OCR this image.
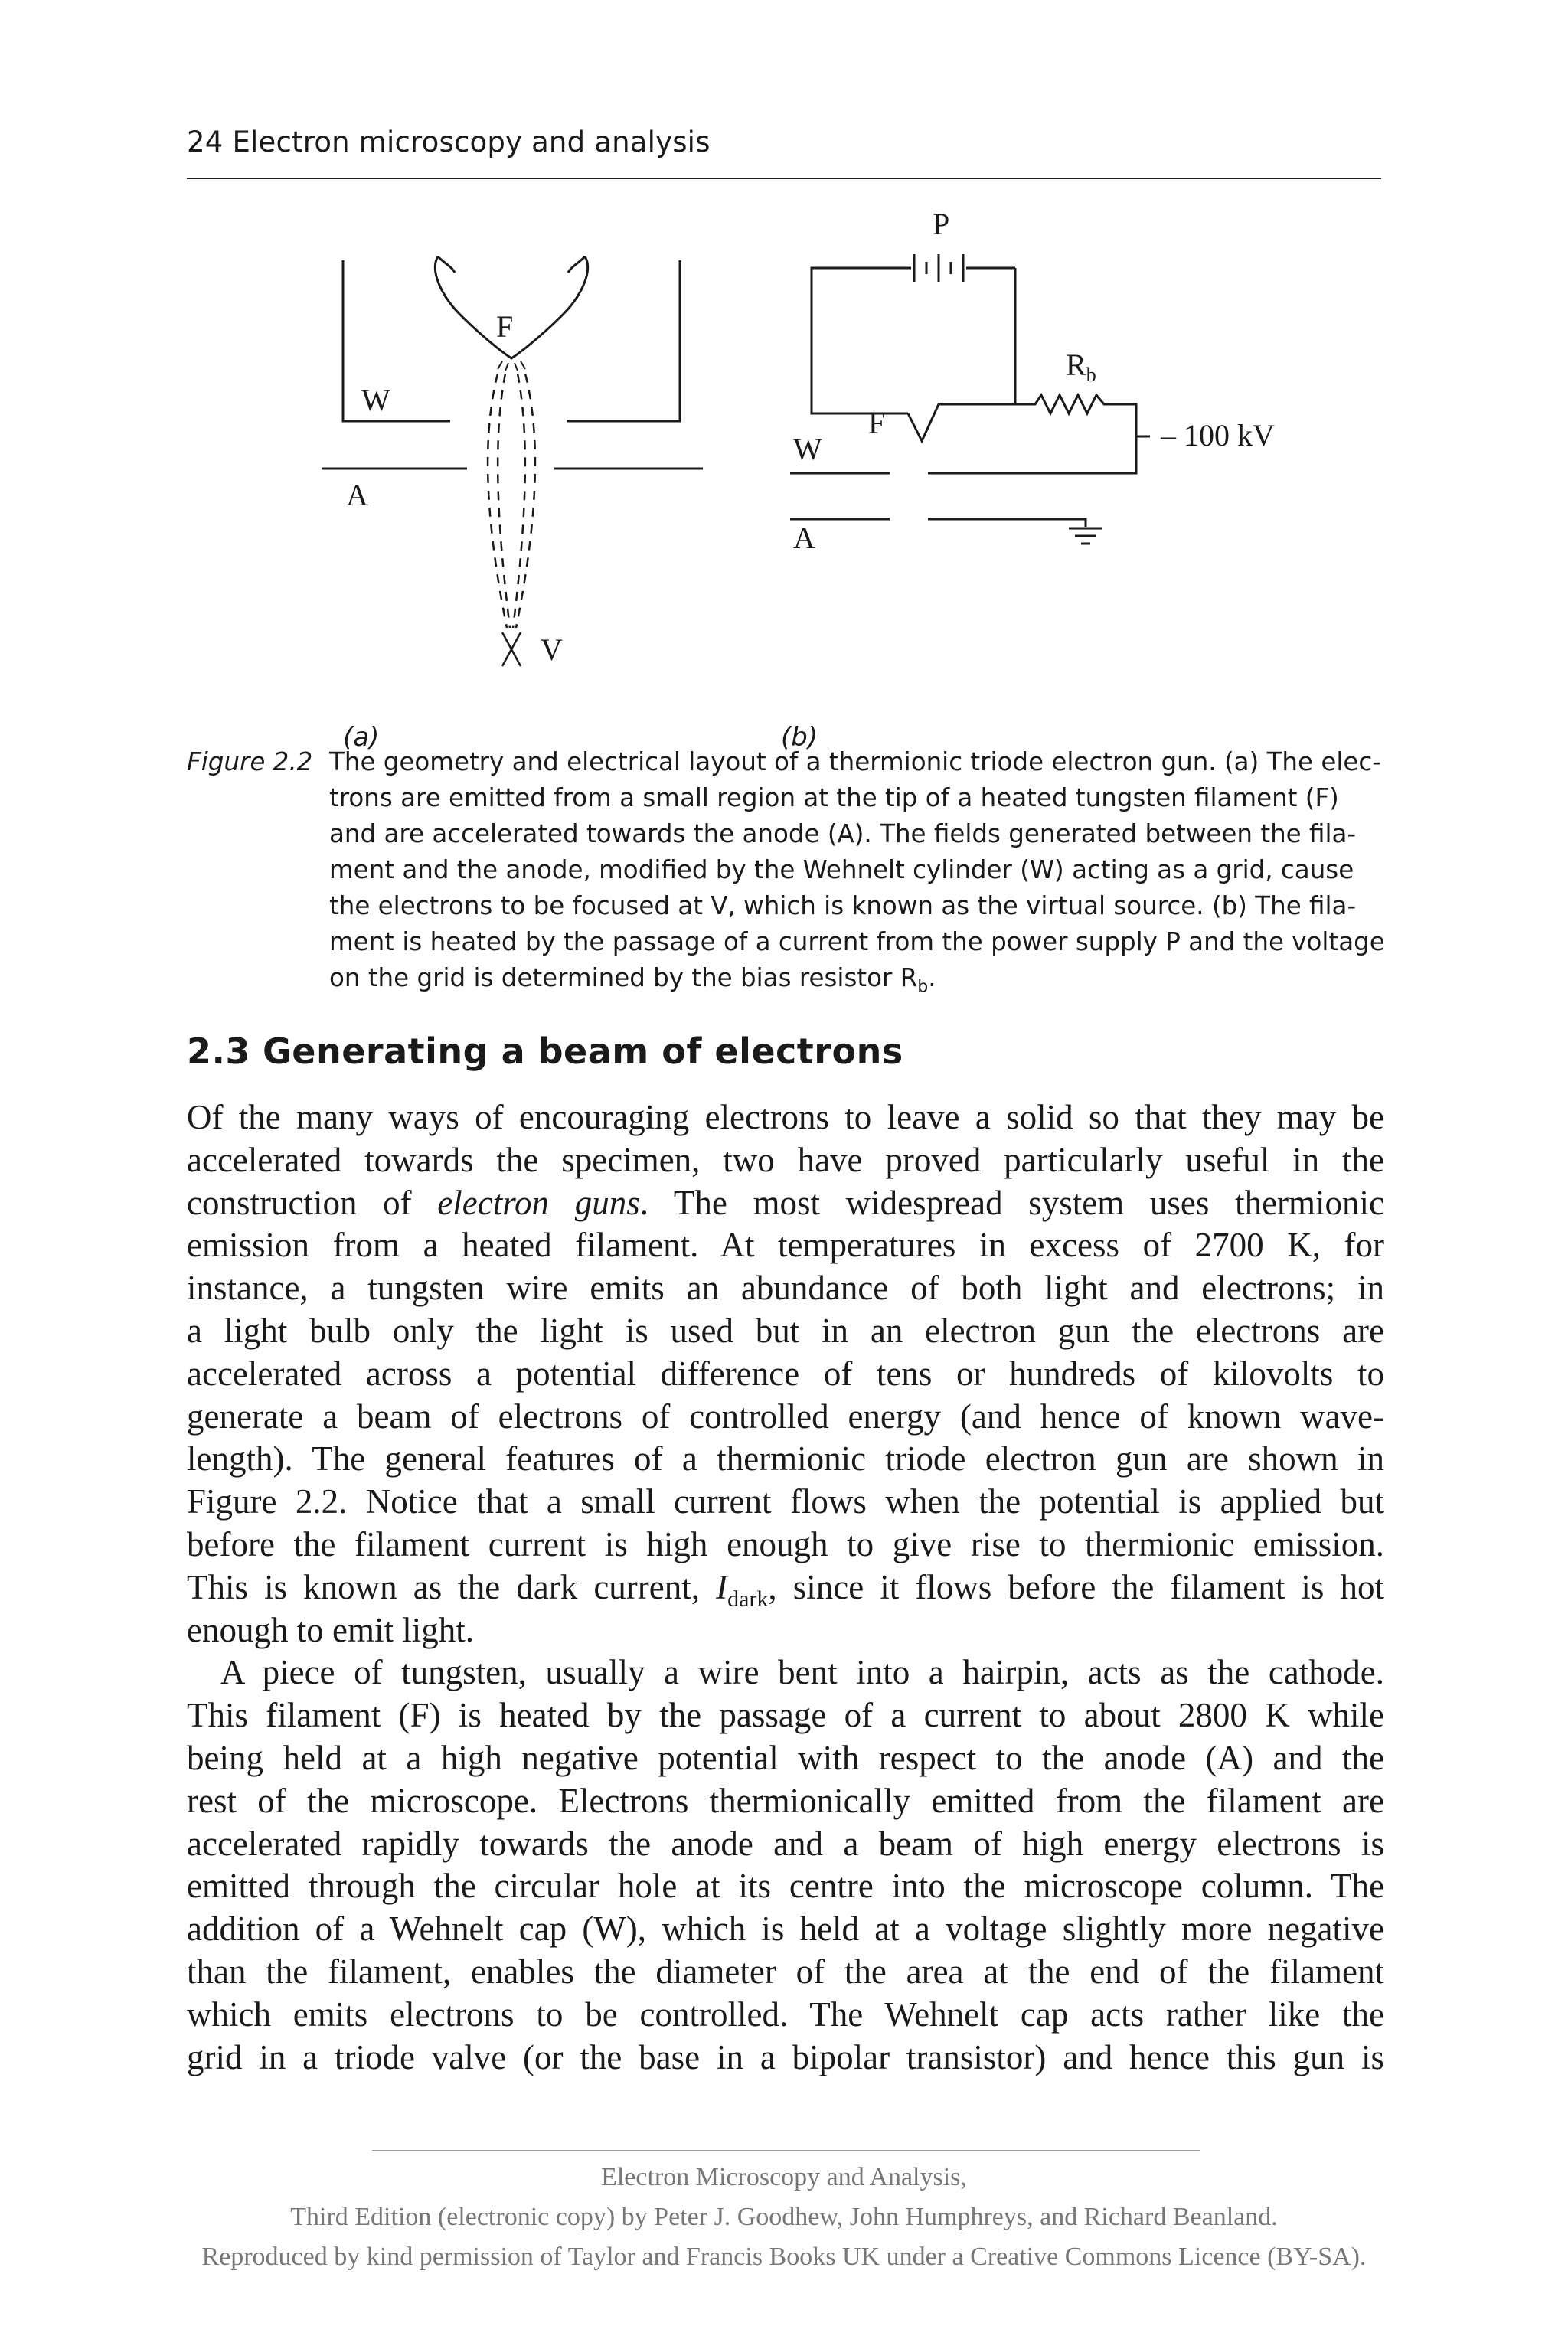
24 Electron microscopy and analysis
W
F
A
V
(a)
P
$R_b$
– 100 kV
F
W
A
(b)
Figure 2.2 The geometry and electrical layout of a thermionic triode electron gun. (a) The elec-
trons are emitted from a small region at the tip of a heated tungsten filament (F)
and are accelerated towards the anode (A). The fields generated between the fila-
ment and the anode, modified by the Wehnelt cylinder (W) acting as a grid, cause
the electrons to be focused at V, which is known as the virtual source. (b) The fila-
ment is heated by the passage of a current from the power supply P and the voltage
on the grid is determined by the bias resistor $R_b$.
2.3 Generating a beam of electrons
Of the many ways of encouraging electrons to leave a solid so that they may be
accelerated towards the specimen, two have proved particularly useful in the
construction of electron guns. The most widespread system uses thermionic
emission from a heated filament. At temperatures in excess of 2700 K, for
instance, a tungsten wire emits an abundance of both light and electrons; in
a light bulb only the light is used but in an electron gun the electrons are
accelerated across a potential difference of tens or hundreds of kilovolts to
generate a beam of electrons of controlled energy (and hence of known wave-
length). The general features of a thermionic triode electron gun are shown in
Figure 2.2. Notice that a small current flows when the potential is applied but
before the filament current is high enough to give rise to thermionic emission.
This is known as the dark current, $I_{dark}$, since it flows before the filament is hot
enough to emit light.
A piece of tungsten, usually a wire bent into a hairpin, acts as the cathode.
This filament (F) is heated by the passage of a current to about 2800 K while
being held at a high negative potential with respect to the anode (A) and the
rest of the microscope. Electrons thermionically emitted from the filament are
accelerated rapidly towards the anode and a beam of high energy electrons is
emitted through the circular hole at its centre into the microscope column. The
addition of a Wehnelt cap (W), which is held at a voltage slightly more negative
than the filament, enables the diameter of the area at the end of the filament
which emits electrons to be controlled. The Wehnelt cap acts rather like the
grid in a triode valve (or the base in a bipolar transistor) and hence this gun is
Electron Microscopy and Analysis,
Third Edition (electronic copy) by Peter J. Goodhew, John Humphreys, and Richard Beanland.
Reproduced by kind permission of Taylor and Francis Books UK under a Creative Commons Licence (BY-SA).
